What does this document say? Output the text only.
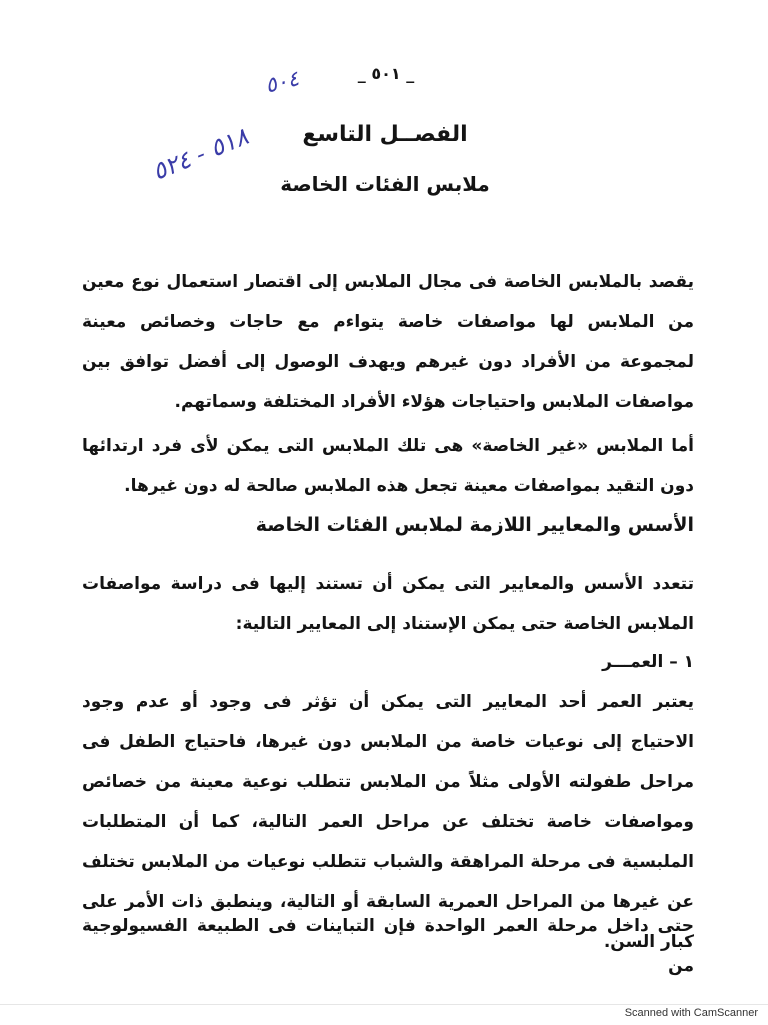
_ ٥٠١ _
٥٠٤
٥١٨ - ٥٢٤	الفصــل التاسع
ملابس الفئات الخاصة
يقصد بالملابس الخاصة فى مجال الملابس إلى اقتصار استعمال نوع معين من الملابس لها مواصفات خاصة يتواءم مع حاجات وخصائص معينة لمجموعة من الأفراد دون غيرهم ويهدف الوصول إلى أفضل توافق بين مواصفات الملابس واحتياجات هؤلاء الأفراد المختلفة وسماتهم.
أما الملابس «غير الخاصة» هى تلك الملابس التى يمكن لأى فرد ارتدائها دون التقيد بمواصفات معينة تجعل هذه الملابس صالحة له دون غيرها.
الأسس والمعايير اللازمة لملابس الفئات الخاصة
تتعدد الأسس والمعايير التى يمكن أن تستند إليها فى دراسة مواصفات الملابس الخاصة حتى يمكن الإستناد إلى المعايير التالية:
١ – العمـــر
يعتبر العمر أحد المعايير التى يمكن أن تؤثر فى وجود أو عدم وجود الاحتياج إلى نوعيات خاصة من الملابس دون غيرها، فاحتياج الطفل فى مراحل طفولته الأولى مثلاً من الملابس تتطلب نوعية معينة من خصائص ومواصفات خاصة تختلف عن مراحل العمر التالية، كما أن المتطلبات الملبسية فى مرحلة المراهقة والشباب تتطلب نوعيات من الملابس تختلف عن غيرها من المراحل العمرية السابقة أو التالية، وينطبق ذات الأمر على كبار السن.
حتى داخل مرحلة العمر الواحدة فإن التباينات فى الطبيعة الفسيولوجية من
Scanned with CamScanner
